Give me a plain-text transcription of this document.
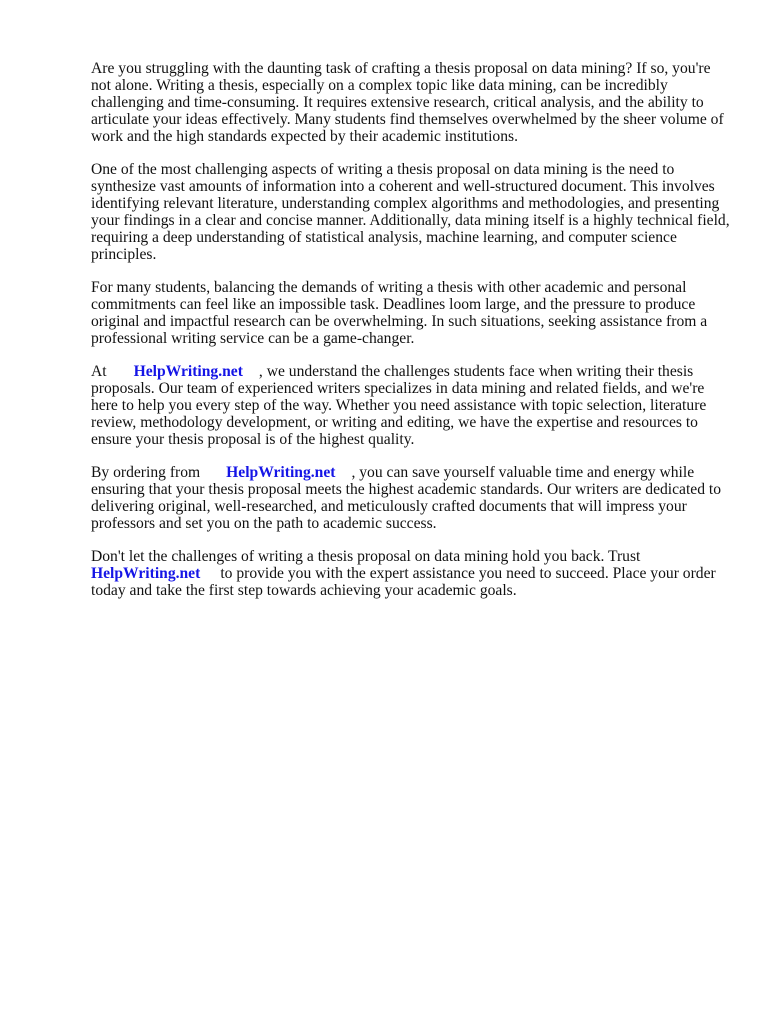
Are you struggling with the daunting task of crafting a thesis proposal on data mining? If so, you're not alone. Writing a thesis, especially on a complex topic like data mining, can be incredibly challenging and time-consuming. It requires extensive research, critical analysis, and the ability to articulate your ideas effectively. Many students find themselves overwhelmed by the sheer volume of work and the high standards expected by their academic institutions.

One of the most challenging aspects of writing a thesis proposal on data mining is the need to synthesize vast amounts of information into a coherent and well-structured document. This involves identifying relevant literature, understanding complex algorithms and methodologies, and presenting your findings in a clear and concise manner. Additionally, data mining itself is a highly technical field, requiring a deep understanding of statistical analysis, machine learning, and computer science principles.

For many students, balancing the demands of writing a thesis with other academic and personal commitments can feel like an impossible task. Deadlines loom large, and the pressure to produce original and impactful research can be overwhelming. In such situations, seeking assistance from a professional writing service can be a game-changer.

At HelpWriting.net , we understand the challenges students face when writing their thesis proposals. Our team of experienced writers specializes in data mining and related fields, and we're here to help you every step of the way. Whether you need assistance with topic selection, literature review, methodology development, or writing and editing, we have the expertise and resources to ensure your thesis proposal is of the highest quality.

By ordering from HelpWriting.net , you can save yourself valuable time and energy while ensuring that your thesis proposal meets the highest academic standards. Our writers are dedicated to delivering original, well-researched, and meticulously crafted documents that will impress your professors and set you on the path to academic success.

Don't let the challenges of writing a thesis proposal on data mining hold you back. Trust HelpWriting.net to provide you with the expert assistance you need to succeed. Place your order today and take the first step towards achieving your academic goals.
